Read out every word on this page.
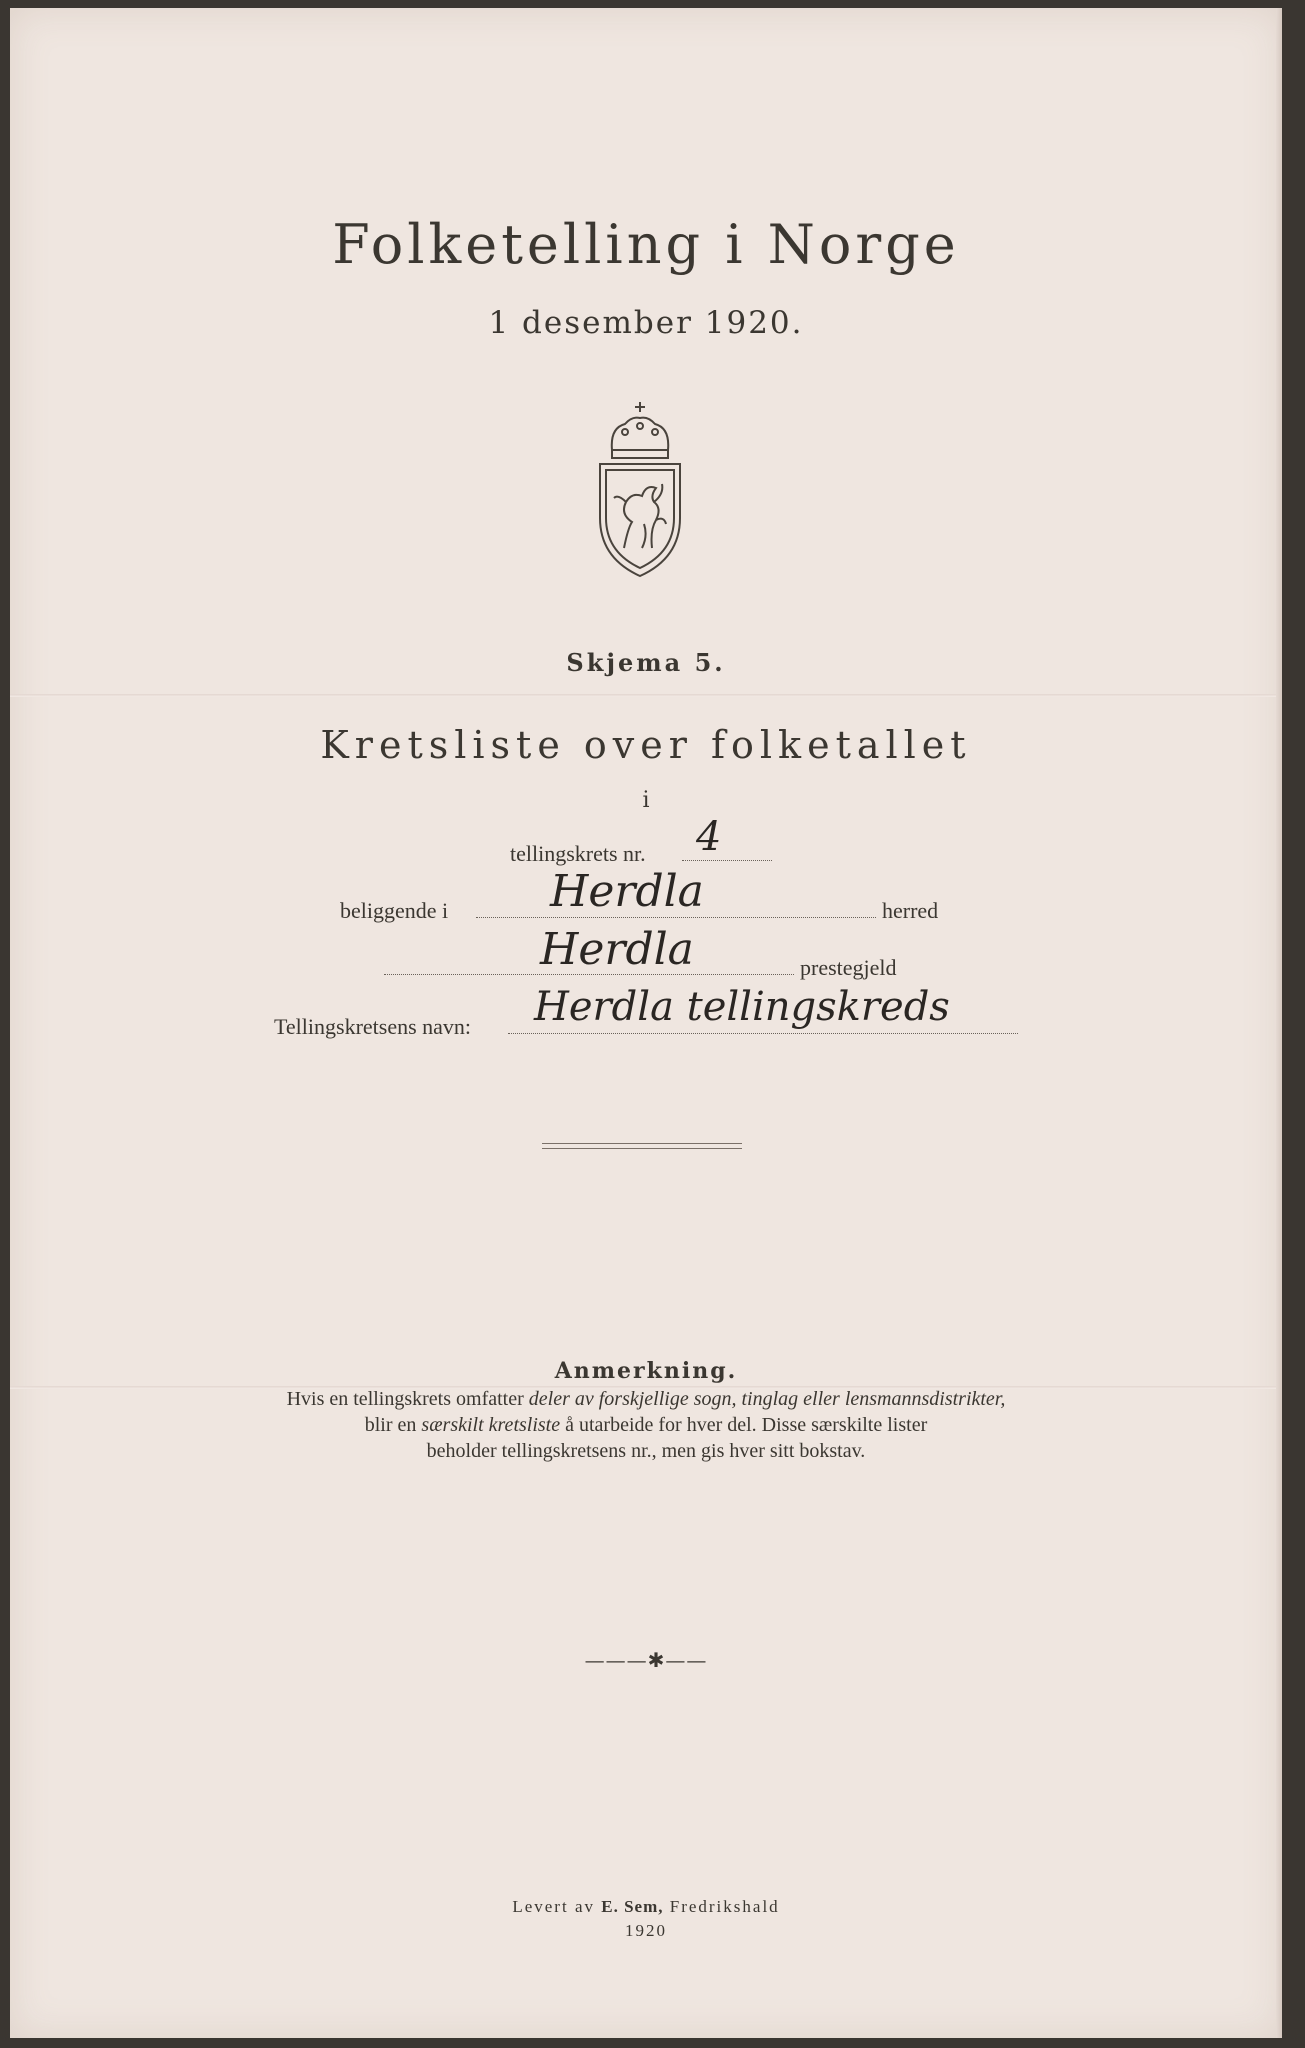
Folketelling i Norge
1 desember 1920.
Skjema 5.
Kretsliste over folketallet
i
tellingskrets nr. 4
beliggende i Herdla	herred
Herdla	prestegjeld
Tellingskretsens navn: Herdla tellingskreds
Anmerkning.
Hvis en tellingskrets omfatter deler av forskjellige sogn, tinglag eller lensmannsdistrikter,
blir en særskilt kretsliste å utarbeide for hver del. Disse særskilte lister
beholder tellingskretsens nr., men gis hver sitt bokstav.
———✱——
Levert av E. Sem, Fredrikshald
1920
